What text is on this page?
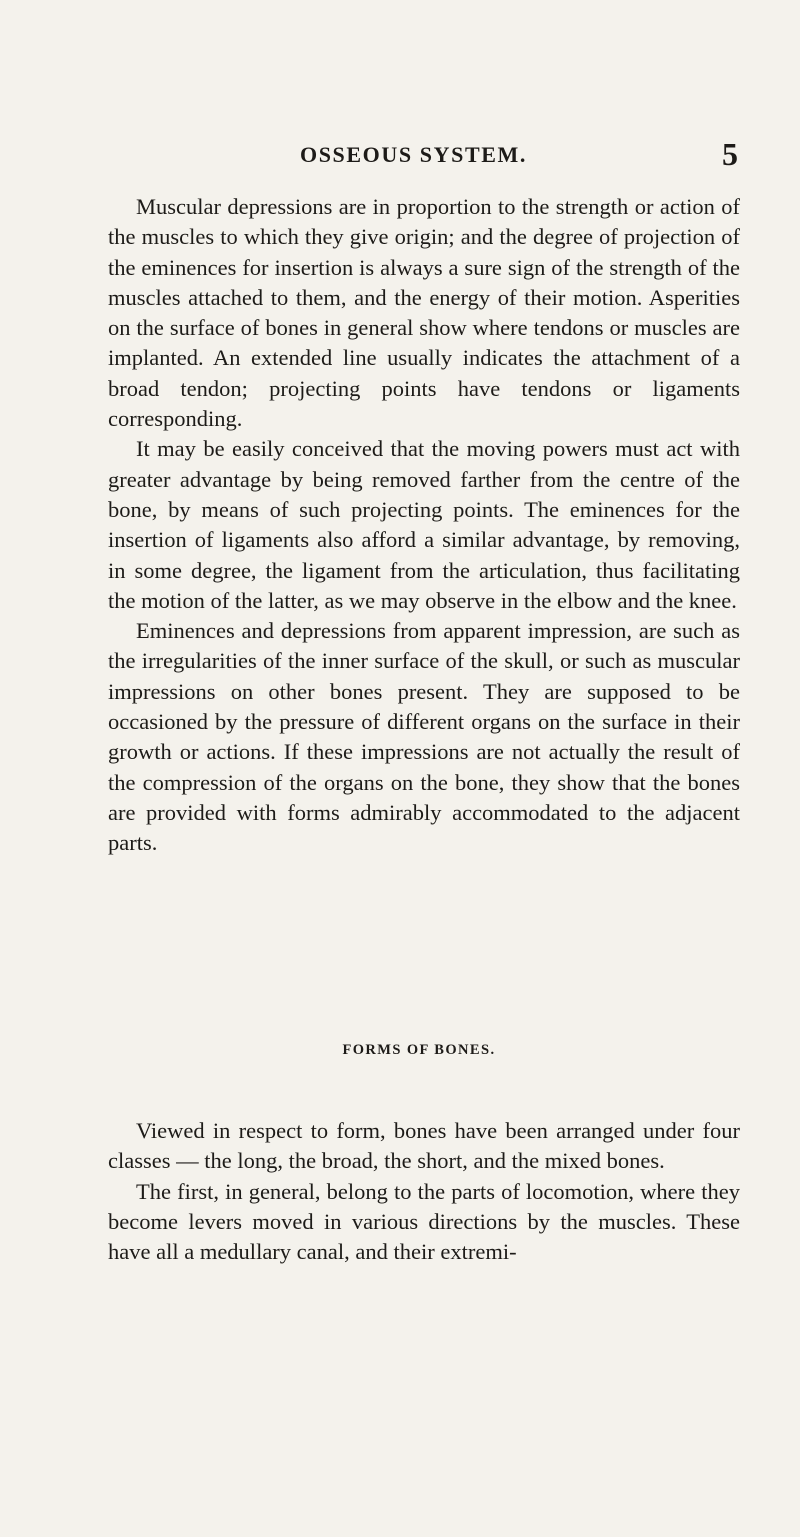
OSSEOUS SYSTEM.	5

Muscular depressions are in proportion to the strength or action of the muscles to which they give origin; and the degree of projection of the eminences for insertion is always a sure sign of the strength of the muscles attached to them, and the energy of their motion. Asperities on the surface of bones in general show where tendons or muscles are implanted. An extended line usually indicates the attachment of a broad tendon; projecting points have tendons or ligaments corresponding.

It may be easily conceived that the moving powers must act with greater advantage by being removed farther from the centre of the bone, by means of such projecting points. The eminences for the insertion of ligaments also afford a similar advantage, by removing, in some degree, the ligament from the articulation, thus facilitating the motion of the latter, as we may observe in the elbow and the knee.

Eminences and depressions from apparent impression, are such as the irregularities of the inner surface of the skull, or such as muscular impressions on other bones present. They are supposed to be occasioned by the pressure of different organs on the surface in their growth or actions. If these impressions are not actually the result of the compression of the organs on the bone, they show that the bones are provided with forms admirably accommodated to the adjacent parts.

FORMS OF BONES.

Viewed in respect to form, bones have been arranged under four classes — the long, the broad, the short, and the mixed bones.

The first, in general, belong to the parts of locomotion, where they become levers moved in various directions by the muscles. These have all a medullary canal, and their extremi-
